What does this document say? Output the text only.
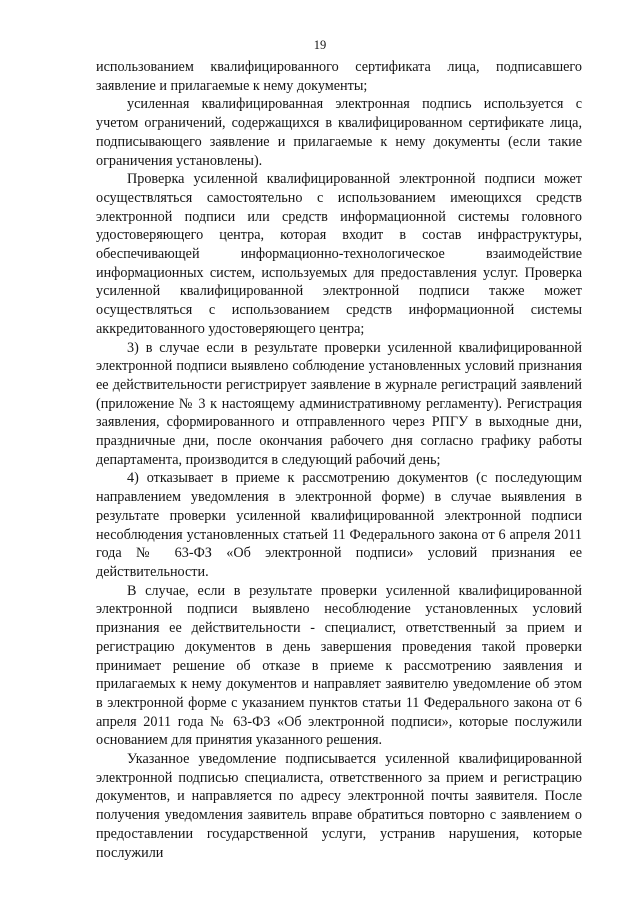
19

использованием квалифицированного сертификата лица, подписавшего заявление и прилагаемые к нему документы;

усиленная квалифицированная электронная подпись используется с учетом ограничений, содержащихся в квалифицированном сертификате лица, подписывающего заявление и прилагаемые к нему документы (если такие ограничения установлены).

Проверка усиленной квалифицированной электронной подписи может осуществляться самостоятельно с использованием имеющихся средств электронной подписи или средств информационной системы головного удостоверяющего центра, которая входит в состав инфраструктуры, обеспечивающей информационно-технологическое взаимодействие информационных систем, используемых для предоставления услуг. Проверка усиленной квалифицированной электронной подписи также может осуществляться с использованием средств информационной системы аккредитованного удостоверяющего центра;

3) в случае если в результате проверки усиленной квалифицированной электронной подписи выявлено соблюдение установленных условий признания ее действительности регистрирует заявление в журнале регистраций заявлений (приложение № 3 к настоящему административному регламенту). Регистрация заявления, сформированного и отправленного через РПГУ в выходные дни, праздничные дни, после окончания рабочего дня согласно графику работы департамента, производится в следующий рабочий день;

4) отказывает в приеме к рассмотрению документов (с последующим направлением уведомления в электронной форме) в случае выявления в результате проверки усиленной квалифицированной электронной подписи несоблюдения установленных статьей 11 Федерального закона от 6 апреля 2011 года № 63-ФЗ «Об электронной подписи» условий признания ее действительности.

В случае, если в результате проверки усиленной квалифицированной электронной подписи выявлено несоблюдение установленных условий признания ее действительности - специалист, ответственный за прием и регистрацию документов в день завершения проведения такой проверки принимает решение об отказе в приеме к рассмотрению заявления и прилагаемых к нему документов и направляет заявителю уведомление об этом в электронной форме с указанием пунктов статьи 11 Федерального закона от 6 апреля 2011 года № 63-ФЗ «Об электронной подписи», которые послужили основанием для принятия указанного решения.

Указанное уведомление подписывается усиленной квалифицированной электронной подписью специалиста, ответственного за прием и регистрацию документов, и направляется по адресу электронной почты заявителя. После получения уведомления заявитель вправе обратиться повторно с заявлением о предоставлении государственной услуги, устранив нарушения, которые послужили
